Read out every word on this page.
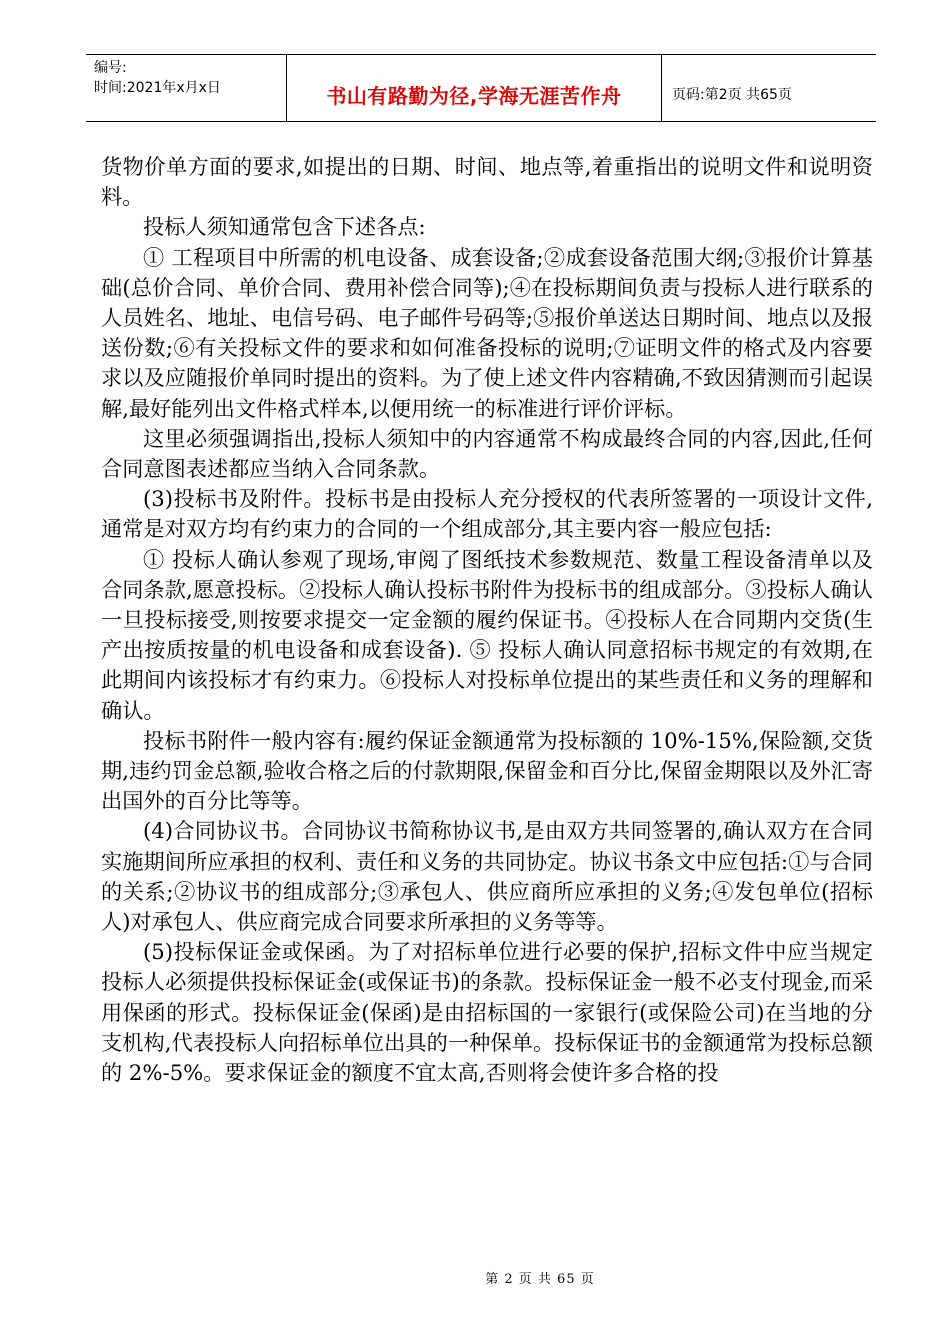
编号:
时间:2021年x月x日	书山有路勤为径,学海无涯苦作舟	页码:第2页 共65页

货物价单方面的要求,如提出的日期、时间、地点等,着重指出的说明文件和说明资料。

投标人须知通常包含下述各点:

① 工程项目中所需的机电设备、成套设备;②成套设备范围大纲;③报价计算基础(总价合同、单价合同、费用补偿合同等);④在投标期间负责与投标人进行联系的人员姓名、地址、电信号码、电子邮件号码等;⑤报价单送达日期时间、地点以及报送份数;⑥有关投标文件的要求和如何准备投标的说明;⑦证明文件的格式及内容要求以及应随报价单同时提出的资料。为了使上述文件内容精确,不致因猜测而引起误解,最好能列出文件格式样本,以便用统一的标准进行评价评标。

这里必须强调指出,投标人须知中的内容通常不构成最终合同的内容,因此,任何合同意图表述都应当纳入合同条款。

(3)投标书及附件。投标书是由投标人充分授权的代表所签署的一项设计文件,通常是对双方均有约束力的合同的一个组成部分,其主要内容一般应包括:

① 投标人确认参观了现场,审阅了图纸技术参数规范、数量工程设备清单以及合同条款,愿意投标。②投标人确认投标书附件为投标书的组成部分。③投标人确认一旦投标接受,则按要求提交一定金额的履约保证书。④投标人在合同期内交货(生产出按质按量的机电设备和成套设备). ⑤ 投标人确认同意招标书规定的有效期,在此期间内该投标才有约束力。⑥投标人对投标单位提出的某些责任和义务的理解和确认。

投标书附件一般内容有:履约保证金额通常为投标额的 10%-15%,保险额,交货期,违约罚金总额,验收合格之后的付款期限,保留金和百分比,保留金期限以及外汇寄出国外的百分比等等。

(4)合同协议书。合同协议书简称协议书,是由双方共同签署的,确认双方在合同实施期间所应承担的权利、责任和义务的共同协定。协议书条文中应包括:①与合同的关系;②协议书的组成部分;③承包人、供应商所应承担的义务;④发包单位(招标人)对承包人、供应商完成合同要求所承担的义务等等。

(5)投标保证金或保函。为了对招标单位进行必要的保护,招标文件中应当规定投标人必须提供投标保证金(或保证书)的条款。投标保证金一般不必支付现金,而采用保函的形式。投标保证金(保函)是由招标国的一家银行(或保险公司)在当地的分支机构,代表投标人向招标单位出具的一种保单。投标保证书的金额通常为投标总额的 2%-5%。要求保证金的额度不宜太高,否则将会使许多合格的投

第 2 页 共 65 页
